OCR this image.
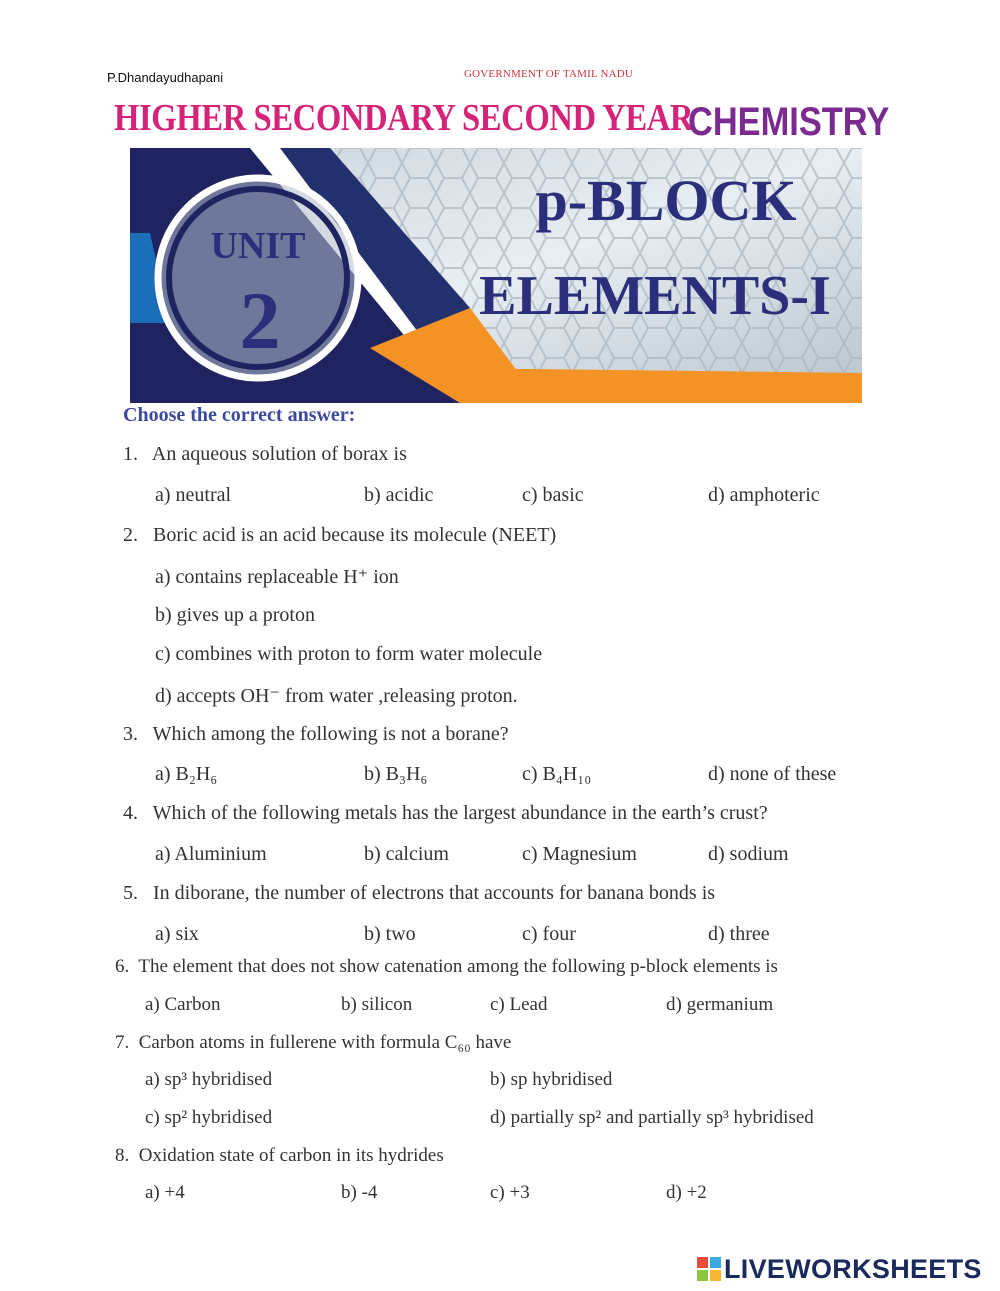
P.Dhandayudhapani	GOVERNMENT OF TAMIL NADU
HIGHER SECONDARY SECOND YEAR
CHEMISTRY
UNIT
2
p-BLOCK
ELEMENTS-I
Choose the correct answer:
1. An aqueous solution of borax is
a) neutral	b) acidic	c) basic	d) amphoteric
2. Boric acid is an acid because its molecule (NEET)
a) contains replaceable H⁺ ion
b) gives up a proton
c) combines with proton to form water molecule
d) accepts OH⁻ from water ,releasing proton.
3. Which among the following is not a borane?
a) B₂H₆	b) B₃H₆	c) B₄H₁₀	d) none of these
4. Which of the following metals has the largest abundance in the earth’s crust?
a) Aluminium	b) calcium	c) Magnesium	d) sodium
5. In diborane, the number of electrons that accounts for banana bonds is
a) six	b) two	c) four	d) three
6. The element that does not show catenation among the following p-block elements is
a) Carbon	b) silicon	c) Lead	d) germanium
7. Carbon atoms in fullerene with formula C₆₀ have
a) sp³ hybridised	b) sp hybridised
c) sp² hybridised	d) partially sp² and partially sp³ hybridised
8. Oxidation state of carbon in its hydrides
a) +4	b) -4	c) +3	d) +2
LIVEWORKSHEETS
